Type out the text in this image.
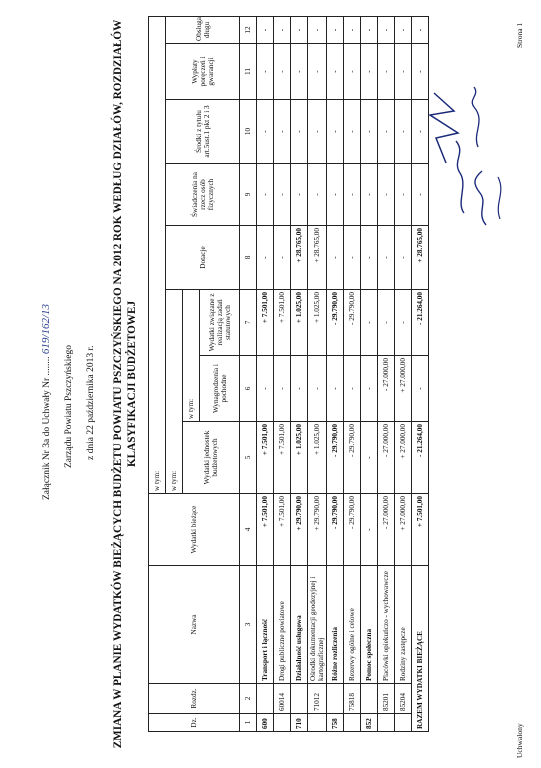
Załącznik Nr 3a do Uchwały Nr ........ 619/162/13
Zarządu Powiatu Pszczyńskiego z dnia 22 października 2013 r. ZMIANA W PLANIE WYDATKÓW BIEŻĄCYCH BUDŻETU POWIATU PSZCZYŃSKIEGO NA 2012 ROK WEDŁUG DZIAŁÓW, ROZDZIAŁÓW KLASYFIKACJI BUDŻETOWEJ
Dz.	Rozdz.	Nazwa	Wydatki bieżące	w tym:							
				w tym:			Dotacje	Świadczenia na rzecz osób fizycznych	Środki z tytułu art.5ust.1 pkt 2 i 3	Wypłaty poręczeń i gwarancji	Obsługa długu
				Wydatki jednostek budżetowych	w tym:						
					Wynagrodzenia i pochodne	Wydatki związane z realizacją zadań statutowych					
1	2	3	4	5	6	7	8	9	10	11	12
600		Transport i łączność	+ 7.501,00	+ 7.501,00	-	+ 7.501,00	-	-	-	-	-
	60014	Drogi publiczne powiatowe	+ 7.501,00	+ 7.501,00	-	+ 7.501,00	-	-	-	-	-
710		Działalność usługowa	+ 29.790,00	+ 1.025,00	-	+ 1.025,00	+ 28.765,00	-	-	-	-
	71012	Ośrodki dokumentacji geodezyjnej i kartograficznej	+ 29.790,00	+ 1.025,00	-	+ 1.025,00	+ 28.765,00	-	-	-	-
758		Różne rozliczenia	- 29.790,00	- 29.790,00	-	- 29.790,00	-	-	-	-	-
	75818	Rezerwy ogólne i celowe	- 29.790,00	- 29.790,00	-	- 29.790,00	-	-	-	-	-
852		Pomoc społeczna	-	-	-	-	-	-	-	-	-
	85201	Placówki opiekuńczo - wychowawcze	- 27.000,00	- 27.000,00	- 27.000,00	-	-	-	-	-	-
	85204	Rodziny zastępcze	+ 27.000,00	+ 27.000,00	+ 27.000,00	-	-	-	-	-	-
RAZEM WYDATKI BIEŻĄCE			+ 7.501,00	- 21.264,00	-	- 21.264,00	+ 28.765,00	-	-	-	-
Uchwalony
Strona 1
